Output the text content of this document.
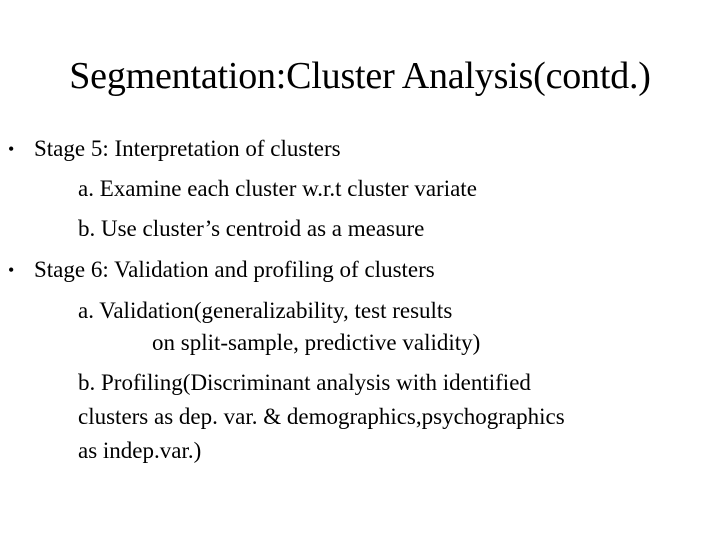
Segmentation:Cluster Analysis(contd.)
• Stage 5: Interpretation of clusters
a. Examine each cluster w.r.t cluster variate
b. Use cluster’s centroid as a measure
• Stage 6: Validation and profiling of clusters
a. Validation(generalizability, test results
on split-sample, predictive validity)
b. Profiling(Discriminant analysis with identified
clusters as dep. var. & demographics,psychographics
as indep.var.)
